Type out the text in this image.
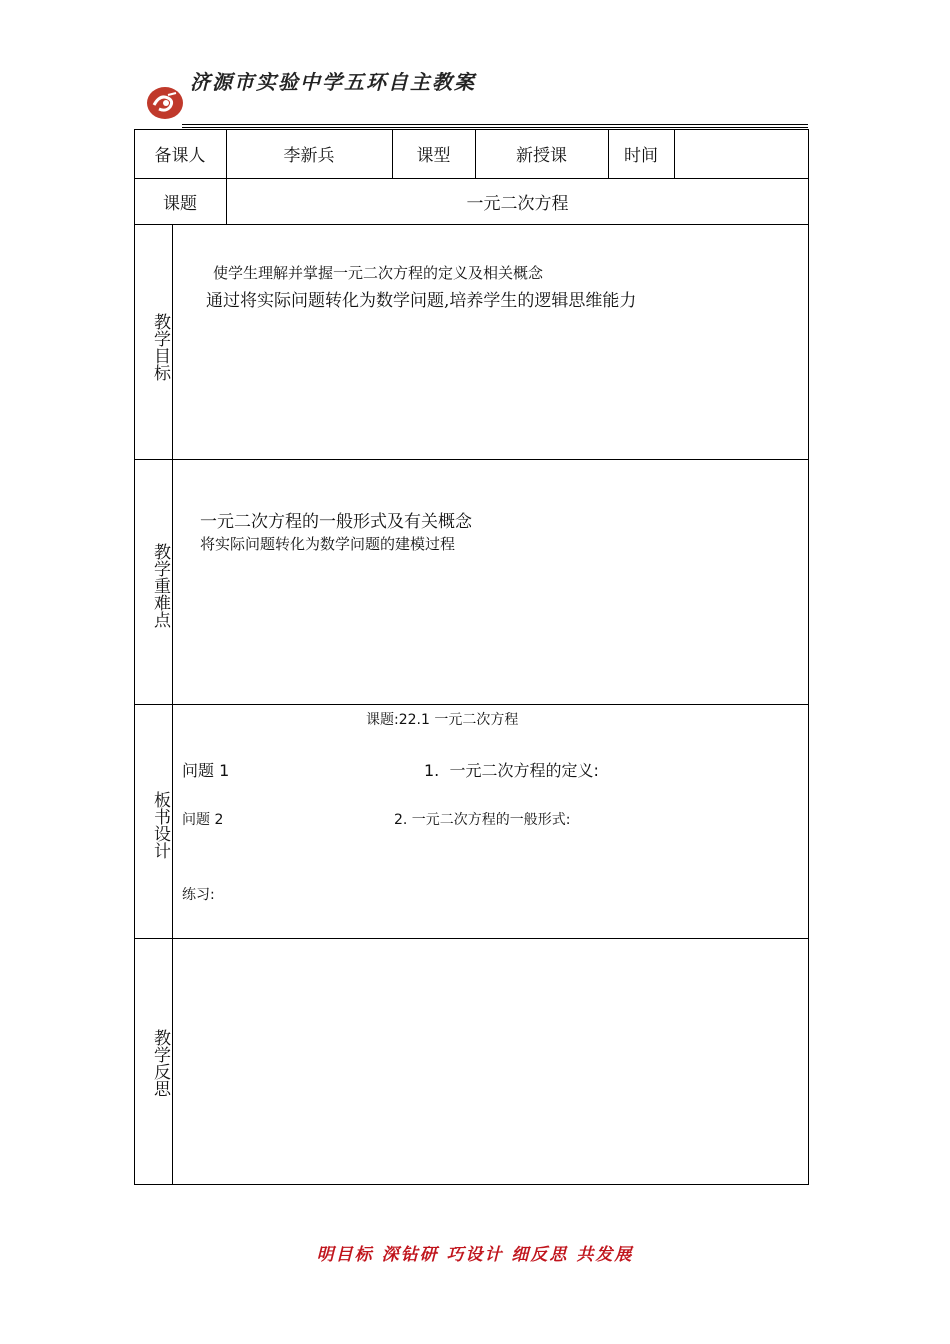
济源市实验中学五环自主教案
备课人	李新兵	课型	新授课	时间
课题	一元二次方程
教学目标
使学生理解并掌握一元二次方程的定义及相关概念
通过将实际问题转化为数学问题,培养学生的逻辑思维能力
教学重难点
一元二次方程的一般形式及有关概念
将实际问题转化为数学问题的建模过程
板书设计
课题:22.1 一元二次方程
问题 1	1.  一元二次方程的定义:
问题 2	2. 一元二次方程的一般形式:
练习:
教学反思
明目标 深钻研 巧设计 细反思 共发展
